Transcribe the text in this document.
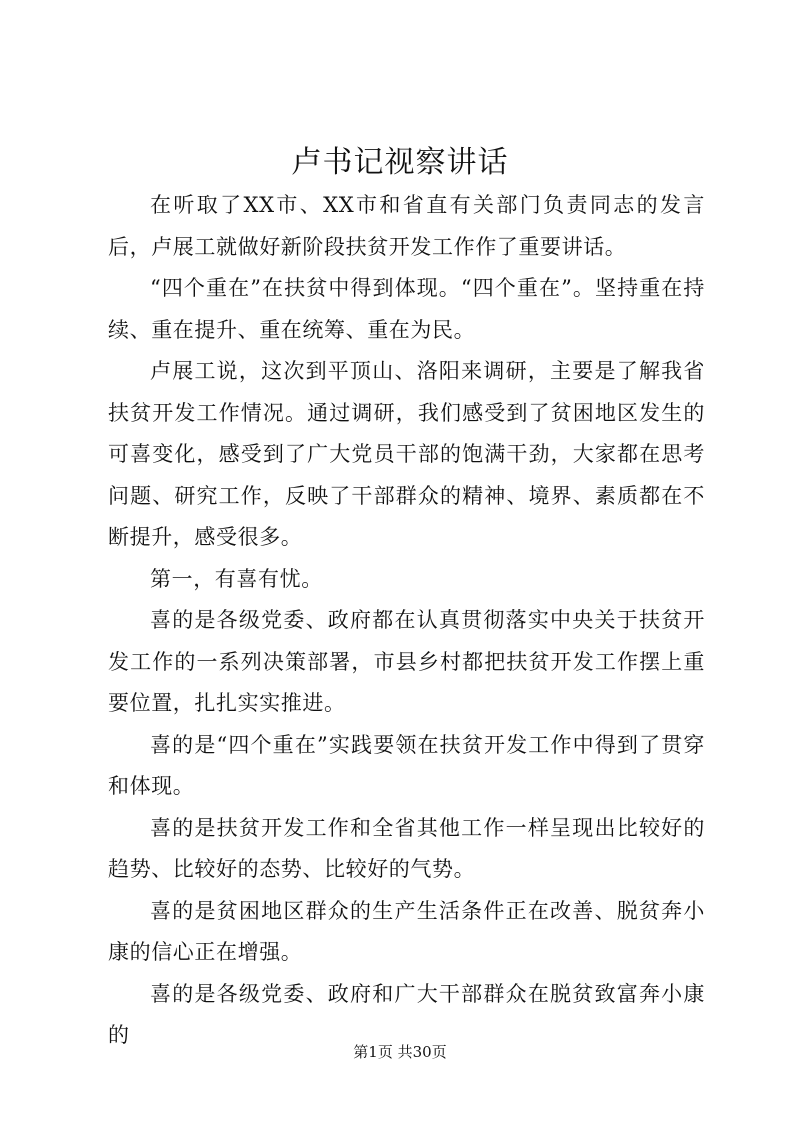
卢书记视察讲话

在听取了XX市、XX市和省直有关部门负责同志的发言后，卢展工就做好新阶段扶贫开发工作作了重要讲话。

“四个重在”在扶贫中得到体现。“四个重在”。坚持重在持续、重在提升、重在统筹、重在为民。

卢展工说，这次到平顶山、洛阳来调研，主要是了解我省扶贫开发工作情况。通过调研，我们感受到了贫困地区发生的可喜变化，感受到了广大党员干部的饱满干劲，大家都在思考问题、研究工作，反映了干部群众的精神、境界、素质都在不断提升，感受很多。

第一，有喜有忧。

喜的是各级党委、政府都在认真贯彻落实中央关于扶贫开发工作的一系列决策部署，市县乡村都把扶贫开发工作摆上重要位置，扎扎实实推进。

喜的是“四个重在”实践要领在扶贫开发工作中得到了贯穿和体现。

喜的是扶贫开发工作和全省其他工作一样呈现出比较好的趋势、比较好的态势、比较好的气势。

喜的是贫困地区群众的生产生活条件正在改善、脱贫奔小康的信心正在增强。

喜的是各级党委、政府和广大干部群众在脱贫致富奔小康的

第1页 共30页
